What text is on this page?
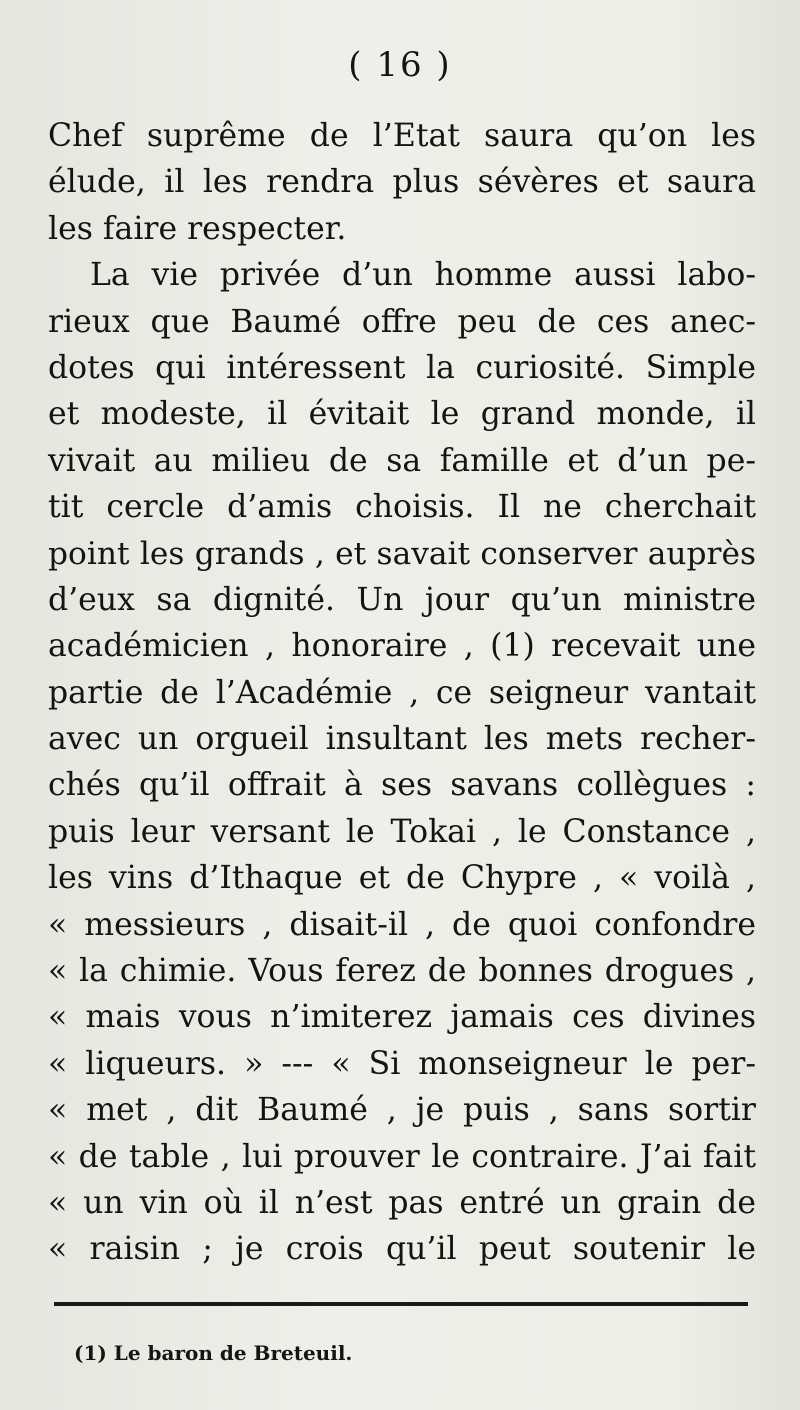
( 16 )
Chef suprême de l’Etat saura qu’on les
élude, il les rendra plus sévères et saura
les faire respecter.
La vie privée d’un homme aussi labo-
rieux que Baumé offre peu de ces anec-
dotes qui intéressent la curiosité. Simple
et modeste, il évitait le grand monde, il
vivait au milieu de sa famille et d’un pe-
tit cercle d’amis choisis. Il ne cherchait
point les grands , et savait conserver auprès
d’eux sa dignité. Un jour qu’un ministre
académicien , honoraire , (1) recevait une
partie de l’Académie , ce seigneur vantait
avec un orgueil insultant les mets recher-
chés qu’il offrait à ses savans collègues :
puis leur versant le Tokai , le Constance ,
les vins d’Ithaque et de Chypre , « voilà ,
« messieurs , disait-il , de quoi confondre
« la chimie. Vous ferez de bonnes drogues ,
« mais vous n’imiterez jamais ces divines
« liqueurs. » --- « Si monseigneur le per-
« met , dit Baumé , je puis , sans sortir
« de table , lui prouver le contraire. J’ai fait
« un vin où il n’est pas entré un grain de
« raisin ; je crois qu’il peut soutenir le
(1) Le baron de Breteuil.
